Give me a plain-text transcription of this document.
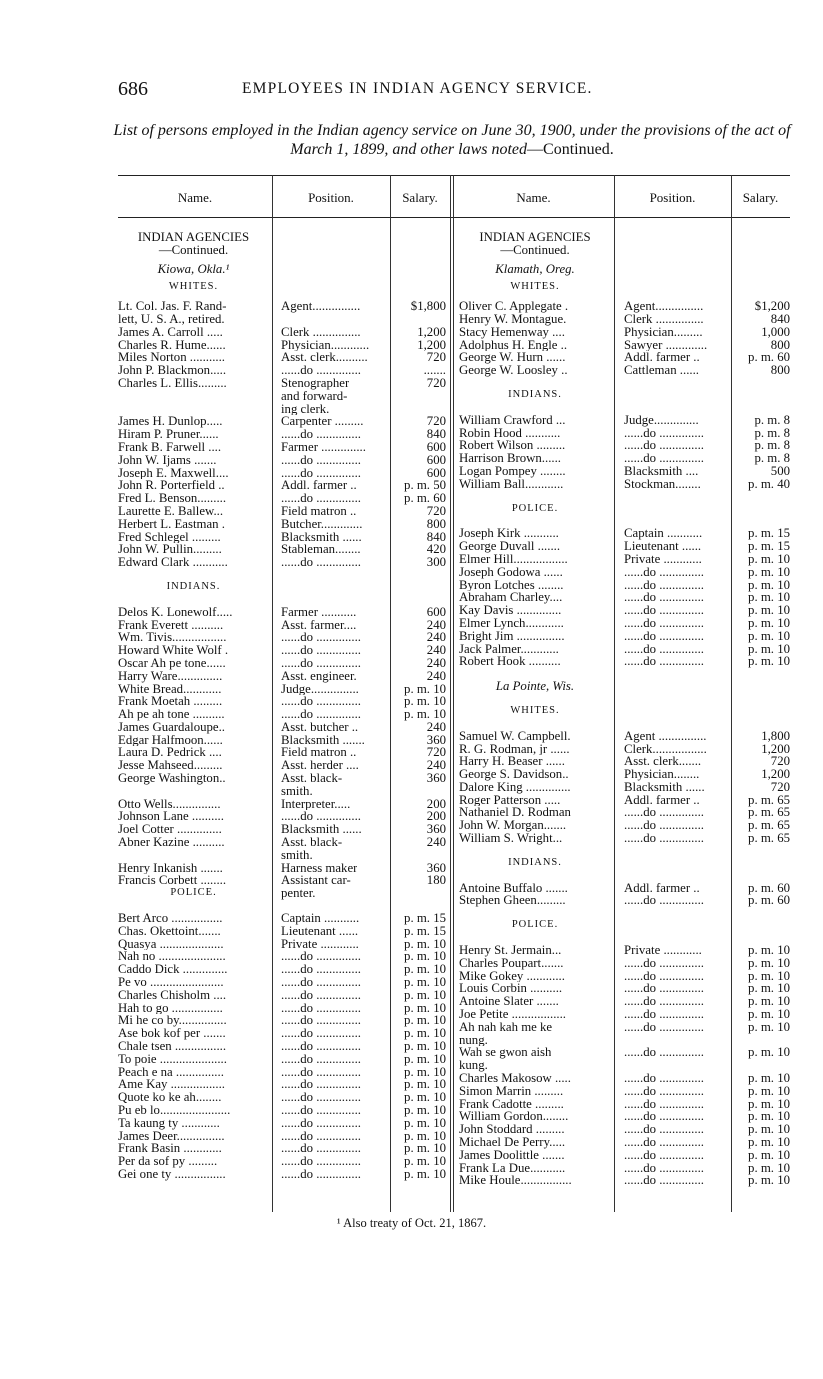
686	EMPLOYEES IN INDIAN AGENCY SERVICE.
List of persons employed in the Indian agency service on June 30, 1900, under the provisions of the act of March 1, 1899, and other laws noted—Continued.
Name.	Position.	Salary.	Name.	Position.	Salary.
INDIAN AGENCIES
—Continued.
Kiowa, Okla.¹
WHITES.
Lt. Col. Jas. F. Rand-	Agent...............	$1,800
lett, U. S. A., retired.
James A. Carroll .....	Clerk ...............	1,200
Charles R. Hume......	Physician............	1,200
Miles Norton ...........	Asst. clerk..........	720
John P. Blackmon.....	......do ..............	.......
Charles L. Ellis.........	Stenographer	720
and forward-
ing clerk.
James H. Dunlop.....	Carpenter .........	720
Hiram P. Pruner......	......do ..............	840
Frank B. Farwell ....	Farmer ..............	600
John W. Ijams .......	......do ..............	600
Joseph E. Maxwell....	......do ..............	600
John R. Porterfield ..	Addl. farmer ..	p. m. 50
Fred L. Benson.........	......do ..............	p. m. 60
Laurette E. Ballew...	Field matron ..	720
Herbert L. Eastman .	Butcher.............	800
Fred Schlegel .........	Blacksmith ......	840
John W. Pullin.........	Stableman........	420
Edward Clark ...........	......do ..............	300
INDIANS.
Delos K. Lonewolf.....	Farmer ...........	600
Frank Everett ..........	Asst. farmer....	240
Wm. Tivis.................	......do ..............	240
Howard White Wolf .	......do ..............	240
Oscar Ah pe tone......	......do ..............	240
Harry Ware..............	Asst. engineer.	240
White Bread............	Judge...............	p. m. 10
Frank Moetah .........	......do ..............	p. m. 10
Ah pe ah tone ..........	......do ..............	p. m. 10
James Guardaloupe..	Asst. butcher ..	240
Edgar Halfmoon......	Blacksmith .......	360
Laura D. Pedrick ....	Field matron ..	720
Jesse Mahseed.........	Asst. herder ....	240
George Washington..	Asst. black-	360
smith.
Otto Wells...............	Interpreter.....	200
Johnson Lane ..........	......do ..............	200
Joel Cotter ..............	Blacksmith ......	360
Abner Kazine ..........	Asst. black-	240
smith.
Henry Inkanish .......	Harness maker	360
Francis Corbett ........	Assistant car-	180
POLICE.	penter.
Bert Arco ................	Captain ...........	p. m. 15
Chas. Okettoint.......	Lieutenant ......	p. m. 15
Quasya ....................	Private ............	p. m. 10
Nah no .....................	......do ..............	p. m. 10
Caddo Dick ..............	......do ..............	p. m. 10
Pe vo .......................	......do ..............	p. m. 10
Charles Chisholm ....	......do ..............	p. m. 10
Hah to go ................	......do ..............	p. m. 10
Mi he co by...............	......do ..............	p. m. 10
Ase bok kof per .......	......do ..............	p. m. 10
Chale tsen ................	......do ..............	p. m. 10
To poie .....................	......do ..............	p. m. 10
Peach e na ...............	......do ..............	p. m. 10
Ame Kay .................	......do ..............	p. m. 10
Quote ko ke ah........	......do ..............	p. m. 10
Pu eb lo......................	......do ..............	p. m. 10
Ta kaung ty ............	......do ..............	p. m. 10
James Deer...............	......do ..............	p. m. 10
Frank Basin ............	......do ..............	p. m. 10
Per da sof py .........	......do ..............	p. m. 10
Gei one ty ................	......do ..............	p. m. 10
INDIAN AGENCIES
—Continued.
Klamath, Oreg.
WHITES.
Oliver C. Applegate .	Agent...............	$1,200
Henry W. Montague.	Clerk ...............	840
Stacy Hemenway ....	Physician.........	1,000
Adolphus H. Engle ..	Sawyer .............	800
George W. Hurn ......	Addl. farmer ..	p. m. 60
George W. Loosley ..	Cattleman ......	800
INDIANS.
William Crawford ...	Judge..............	p. m. 8
Robin Hood ...........	......do ..............	p. m. 8
Robert Wilson .........	......do ..............	p. m. 8
Harrison Brown......	......do ..............	p. m. 8
Logan Pompey ........	Blacksmith ....	500
William Ball............	Stockman........	p. m. 40
POLICE.
Joseph Kirk ...........	Captain ...........	p. m. 15
George Duvall .......	Lieutenant ......	p. m. 15
Elmer Hill.................	Private ............	p. m. 10
Joseph Godowa ......	......do ..............	p. m. 10
Byron Lotches ........	......do ..............	p. m. 10
Abraham Charley....	......do ..............	p. m. 10
Kay Davis ..............	......do ..............	p. m. 10
Elmer Lynch............	......do ..............	p. m. 10
Bright Jim ...............	......do ..............	p. m. 10
Jack Palmer............	......do ..............	p. m. 10
Robert Hook ..........	......do ..............	p. m. 10
La Pointe, Wis.
WHITES.
Samuel W. Campbell.	Agent ...............	1,800
R. G. Rodman, jr ......	Clerk.................	1,200
Harry H. Beaser ......	Asst. clerk.......	720
George S. Davidson..	Physician........	1,200
Dalore King ..............	Blacksmith ......	720
Roger Patterson .....	Addl. farmer ..	p. m. 65
Nathaniel D. Rodman	......do ..............	p. m. 65
John W. Morgan.......	......do ..............	p. m. 65
William S. Wright...	......do ..............	p. m. 65
INDIANS.
Antoine Buffalo .......	Addl. farmer ..	p. m. 60
Stephen Gheen.........	......do ..............	p. m. 60
POLICE.
Henry St. Jermain...	Private ............	p. m. 10
Charles Poupart.......	......do ..............	p. m. 10
Mike Gokey ............	......do ..............	p. m. 10
Louis Corbin ..........	......do ..............	p. m. 10
Antoine Slater .......	......do ..............	p. m. 10
Joe Petite .................	......do ..............	p. m. 10
Ah nah kah me ke	......do ..............	p. m. 10
nung.
Wah se gwon aish	......do ..............	p. m. 10
kung.
Charles Makosow .....	......do ..............	p. m. 10
Simon Marrin .........	......do ..............	p. m. 10
Frank Cadotte .........	......do ..............	p. m. 10
William Gordon........	......do ..............	p. m. 10
John Stoddard .........	......do ..............	p. m. 10
Michael De Perry.....	......do ..............	p. m. 10
James Doolittle .......	......do ..............	p. m. 10
Frank La Due...........	......do ..............	p. m. 10
Mike Houle................	......do ..............	p. m. 10
¹ Also treaty of Oct. 21, 1867.
